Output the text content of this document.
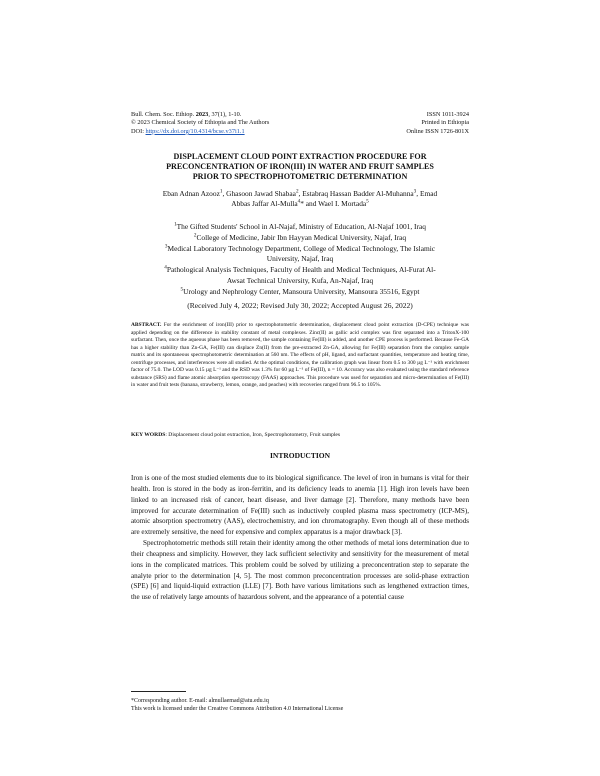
Bull. Chem. Soc. Ethiop. 2023, 37(1), 1-10.
© 2023 Chemical Society of Ethiopia and The Authors
DOI: https://dx.doi.org/10.4314/bcse.v37i1.1
ISSN 1011-3924
Printed in Ethiopia
Online ISSN 1726-801X
DISPLACEMENT CLOUD POINT EXTRACTION PROCEDURE FOR
PRECONCENTRATION OF IRON(III) IN WATER AND FRUIT SAMPLES
PRIOR TO SPECTROPHOTOMETRIC DETERMINATION
Eban Adnan Azooz$^1$, Ghasoon Jawad Shabaa$^2$, Estabraq Hassan Badder Al-Muhanna$^3$, Emad
Abbas Jaffar Al-Mulla$^4$* and Wael I. Mortada$^5$
$^1$The Gifted Students' School in Al-Najaf, Ministry of Education, Al-Najaf 1001, Iraq
$^2$College of Medicine, Jabir Ibn Hayyan Medical University, Najaf, Iraq
$^3$Medical Laboratory Technology Department, College of Medical Technology, The Islamic
University, Najaf, Iraq
$^4$Pathological Analysis Techniques, Faculty of Health and Medical Techniques, Al-Furat Al-
Awsat Technical University, Kufa, An-Najaf, Iraq
$^5$Urology and Nephrology Center, Mansoura University, Mansoura 35516, Egypt
(Received July 4, 2022; Revised July 30, 2022; Accepted August 26, 2022)
ABSTRACT. For the enrichment of iron(III) prior to spectrophotometric determination, displacement cloud point extraction (D-CPE) technique was applied depending on the difference in stability constant of metal complexes. Zinc(II) as gallic acid complex was first separated into a TritonX-100 surfactant. Then, once the aqueous phase has been removed, the sample containing Fe(III) is added, and another CPE process is performed. Because Fe-GA has a higher stability than Zn-GA, Fe(III) can displace Zn(II) from the pre-extracted Zn-GA, allowing for Fe(III) separation from the complex sample matrix and its spontaneous spectrophotometric determination at 560 nm. The effects of pH, ligand, and surfactant quantities, temperature and heating time, centrifuge processes, and interferences were all studied. At the optimal conditions, the calibration graph was linear from 0.5 to 300 µg L⁻¹ with enrichment factor of 75.0. The LOD was 0.15 µg L⁻¹ and the RSD was 1.3% for 60 µg L⁻¹ of Fe(III), n = 10. Accuracy was also evaluated using the standard reference substance (SRS) and flame atomic absorption spectroscopy (FAAS) approaches. This procedure was used for separation and micro-determination of Fe(III) in water and fruit tests (banana, strawberry, lemon, orange, and peaches) with recoveries ranged from 96.5 to 105%.
KEY WORDS: Displacement cloud point extraction, Iron, Spectrophotometry, Fruit samples
INTRODUCTION

Iron is one of the most studied elements due to its biological significance. The level of iron in humans is vital for their health. Iron is stored in the body as iron-ferritin, and its deficiency leads to anemia [1]. High iron levels have been linked to an increased risk of cancer, heart disease, and liver damage [2]. Therefore, many methods have been improved for accurate determination of Fe(III) such as inductively coupled plasma mass spectrometry (ICP-MS), atomic absorption spectrometry (AAS), electrochemistry, and ion chromatography. Even though all of these methods are extremely sensitive, the need for expensive and complex apparatus is a major drawback [3].

Spectrophotometric methods still retain their identity among the other methods of metal ions determination due to their cheapness and simplicity. However, they lack sufficient selectivity and sensitivity for the measurement of metal ions in the complicated matrices. This problem could be solved by utilizing a preconcentration step to separate the analyte prior to the determination [4, 5]. The most common preconcentration processes are solid-phase extraction (SPE) [6] and liquid-liquid extraction (LLE) [7]. Both have various limitations such as lengthened extraction times, the use of relatively large amounts of hazardous solvent, and the appearance of a potential cause

*Corresponding author. E-mail: almullaemad@atu.edu.iq
This work is licensed under the Creative Commons Attribution 4.0 International License
